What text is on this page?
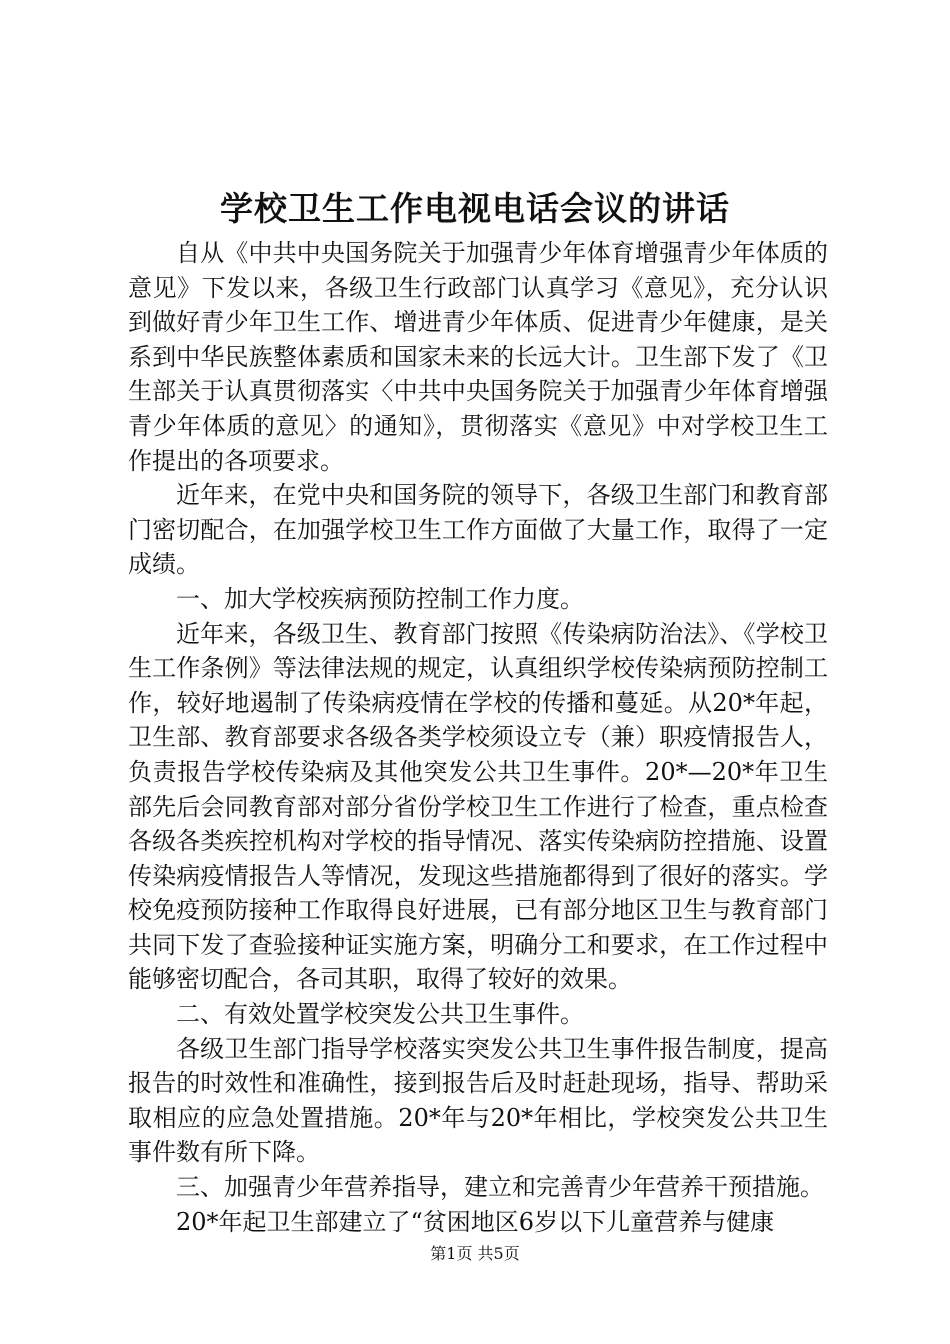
学校卫生工作电视电话会议的讲话

自从《中共中央国务院关于加强青少年体育增强青少年体质的意见》下发以来，各级卫生行政部门认真学习《意见》，充分认识到做好青少年卫生工作、增进青少年体质、促进青少年健康，是关系到中华民族整体素质和国家未来的长远大计。卫生部下发了《卫生部关于认真贯彻落实〈中共中央国务院关于加强青少年体育增强青少年体质的意见〉的通知》，贯彻落实《意见》中对学校卫生工作提出的各项要求。

近年来，在党中央和国务院的领导下，各级卫生部门和教育部门密切配合，在加强学校卫生工作方面做了大量工作，取得了一定成绩。

一、加大学校疾病预防控制工作力度。

近年来，各级卫生、教育部门按照《传染病防治法》、《学校卫生工作条例》等法律法规的规定，认真组织学校传染病预防控制工作，较好地遏制了传染病疫情在学校的传播和蔓延。从20*年起，卫生部、教育部要求各级各类学校须设立专（兼）职疫情报告人，负责报告学校传染病及其他突发公共卫生事件。20*—20*年卫生部先后会同教育部对部分省份学校卫生工作进行了检查，重点检查各级各类疾控机构对学校的指导情况、落实传染病防控措施、设置传染病疫情报告人等情况，发现这些措施都得到了很好的落实。学校免疫预防接种工作取得良好进展，已有部分地区卫生与教育部门共同下发了查验接种证实施方案，明确分工和要求，在工作过程中能够密切配合，各司其职，取得了较好的效果。

二、有效处置学校突发公共卫生事件。

各级卫生部门指导学校落实突发公共卫生事件报告制度，提高报告的时效性和准确性，接到报告后及时赶赴现场，指导、帮助采取相应的应急处置措施。20*年与20*年相比，学校突发公共卫生事件数有所下降。

三、加强青少年营养指导，建立和完善青少年营养干预措施。

20*年起卫生部建立了“贫困地区6岁以下儿童营养与健康

第1页 共5页
